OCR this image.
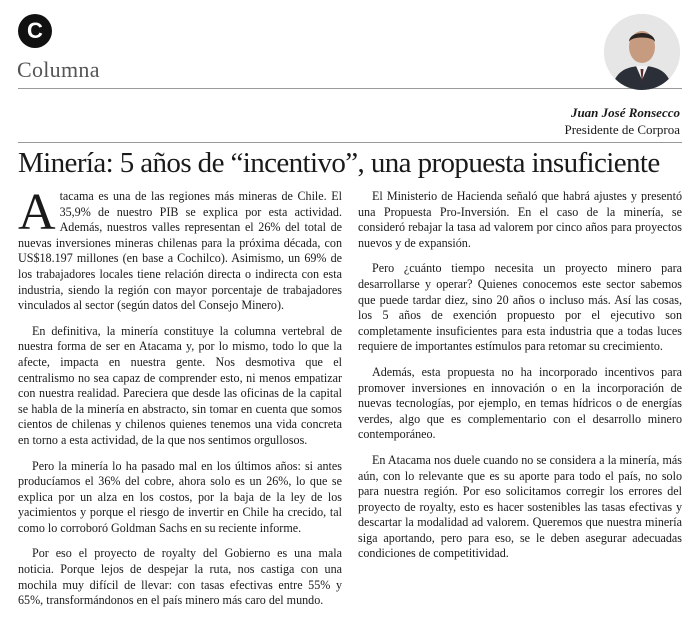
C
Columna
Juan José Ronsecco
Presidente de Corproa
Minería: 5 años de “incentivo”, una propuesta insuficiente

Atacama es una de las regiones más mineras de Chile. El 35,9% de nuestro PIB se explica por esta actividad. Además, nuestros valles representan el 26% del total de nuevas inversiones mineras chilenas para la próxima década, con US$18.197 millones (en base a Cochilco). Asimismo, un 69% de los trabajadores locales tiene relación directa o indirecta con esta industria, siendo la región con mayor porcentaje de trabajadores vinculados al sector (según datos del Consejo Minero).

En definitiva, la minería constituye la columna vertebral de nuestra forma de ser en Atacama y, por lo mismo, todo lo que la afecte, impacta en nuestra gente. Nos desmotiva que el centralismo no sea capaz de comprender esto, ni menos empatizar con nuestra realidad. Pareciera que desde las oficinas de la capital se habla de la minería en abstracto, sin tomar en cuenta que somos cientos de chilenas y chilenos quienes tenemos una vida concreta en torno a esta actividad, de la que nos sentimos orgullosos.

Pero la minería lo ha pasado mal en los últimos años: si antes producíamos el 36% del cobre, ahora solo es un 26%, lo que se explica por un alza en los costos, por la baja de la ley de los yacimientos y porque el riesgo de invertir en Chile ha crecido, tal como lo corroboró Goldman Sachs en su reciente informe.

Por eso el proyecto de royalty del Gobierno es una mala noticia. Porque lejos de despejar la ruta, nos castiga con una mochila muy difícil de llevar: con tasas efectivas entre 55% y 65%, transformándonos en el país minero más caro del mundo.

El Ministerio de Hacienda señaló que habrá ajustes y presentó una Propuesta Pro-Inversión. En el caso de la minería, se consideró rebajar la tasa ad valorem por cinco años para proyectos nuevos y de expansión.

Pero ¿cuánto tiempo necesita un proyecto minero para desarrollarse y operar? Quienes conocemos este sector sabemos que puede tardar diez, sino 20 años o incluso más. Así las cosas, los 5 años de exención propuesto por el ejecutivo son completamente insuficientes para esta industria que a todas luces requiere de importantes estímulos para retomar su crecimiento.

Además, esta propuesta no ha incorporado incentivos para promover inversiones en innovación o en la incorporación de nuevas tecnologías, por ejemplo, en temas hídricos o de energías verdes, algo que es complementario con el desarrollo minero contemporáneo.

En Atacama nos duele cuando no se considera a la minería, más aún, con lo relevante que es su aporte para todo el país, no solo para nuestra región. Por eso solicitamos corregir los errores del proyecto de royalty, esto es hacer sostenibles las tasas efectivas y descartar la modalidad ad valorem. Queremos que nuestra minería siga aportando, pero para eso, se le deben asegurar adecuadas condiciones de competitividad.
